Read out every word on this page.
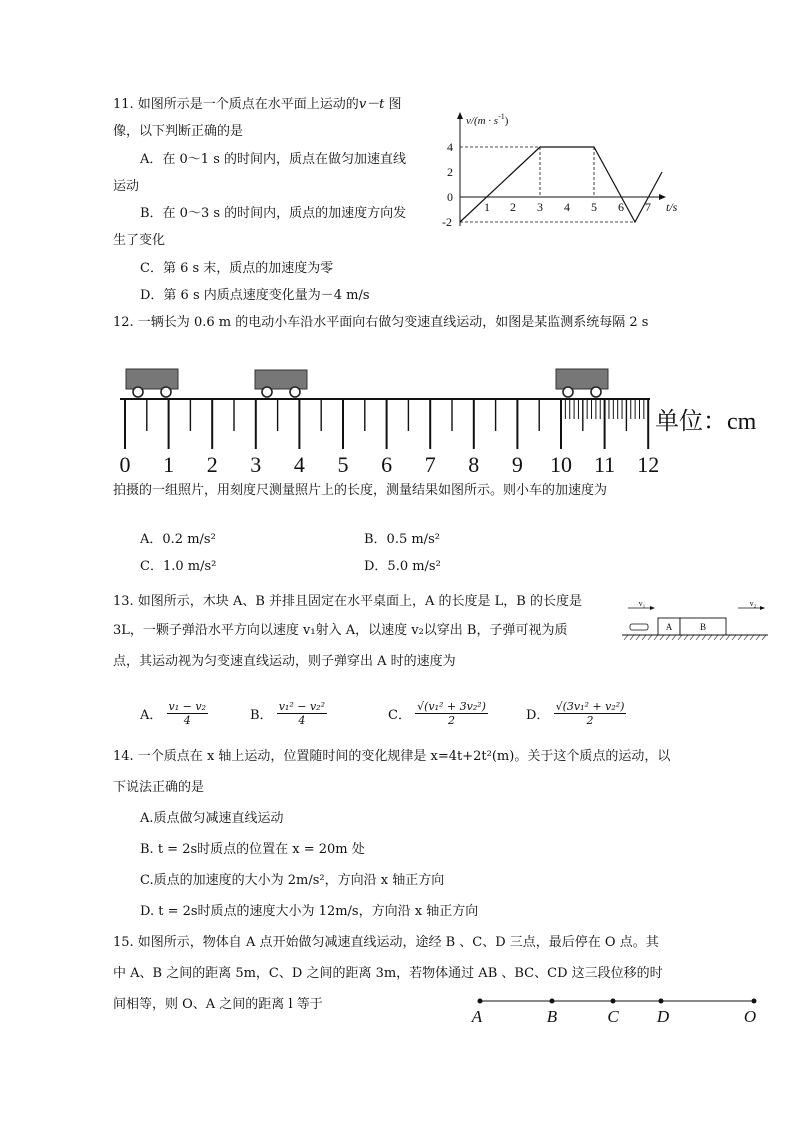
11. 如图所示是一个质点在水平面上运动的v－t 图
像，以下判断正确的是
A．在 0～1 s 的时间内，质点在做匀加速直线
运动
B．在 0～3 s 的时间内，质点的加速度方向发
生了变化
C．第 6 s 末，质点的加速度为零
D．第 6 s 内质点速度变化量为－4 m/s
4
2
0
-2
1 2 3 4 5 6 7
$v/(m \cdot s^{-1})$
t/s
12. 一辆长为 0.6 m 的电动小车沿水平面向右做匀变速直线运动，如图是某监测系统每隔 2 s
0 1 2 3 4 5 6 7 8 9 10 11 12
单位：cm
拍摄的一组照片，用刻度尺测量照片上的长度，测量结果如图所示。则小车的加速度为
A．0.2 m/s²	B．0.5 m/s²
C．1.0 m/s²	D．5.0 m/s²
13. 如图所示，木块 A、B 并排且固定在水平桌面上，A 的长度是 L，B 的长度是
3L，一颗子弹沿水平方向以速度 v₁射入 A，以速度 v₂以穿出 B，子弹可视为质
点，其运动视为匀变速直线运动，则子弹穿出 A 时的速度为
v₁	v₂
A	B
A． $\frac{\text{v₁ − v₂}}{4}$	B． $\frac{\text{v₁² − v₂²}}{4}$	C． $\frac{\text{√(v₁² + 3v₂²)}}{2}$	D． $\frac{\text{√(3v₁² + v₂²)}}{2}$
14. 一个质点在 x 轴上运动，位置随时间的变化规律是 x=4t+2t²(m)。关于这个质点的运动，以
下说法正确的是
A.质点做匀减速直线运动
B. t = 2s时质点的位置在 x = 20m 处
C.质点的加速度的大小为 2m/s²，方向沿 x 轴正方向
D. t = 2s时质点的速度大小为 12m/s，方向沿 x 轴正方向
15. 如图所示，物体自 A 点开始做匀减速直线运动，途经 B 、C、D 三点，最后停在 O 点。其
中 A、B 之间的距离 5m，C、D 之间的距离 3m，若物体通过 AB 、BC、CD 这三段位移的时
间相等，则 O、A 之间的距离 l 等于
A	B	C D	O
